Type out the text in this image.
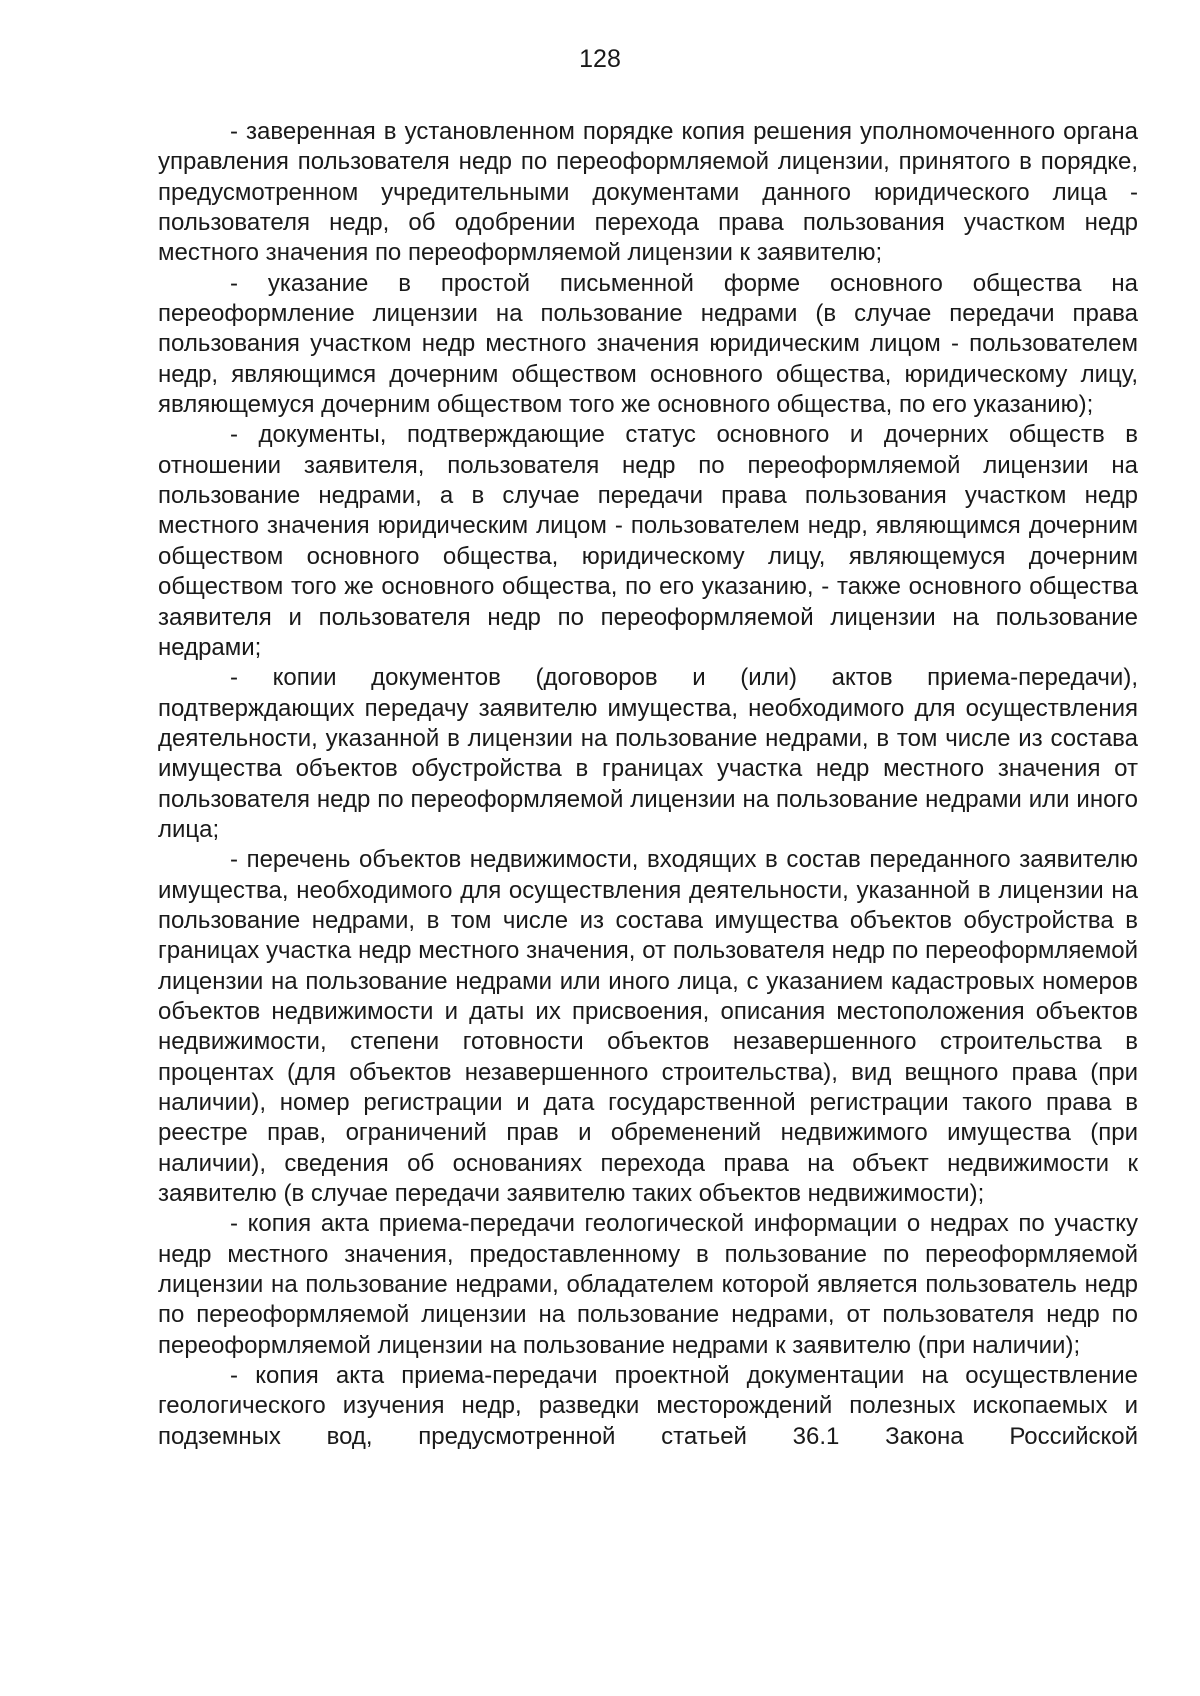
128

- заверенная в установленном порядке копия решения уполномоченного органа управления пользователя недр по переоформляемой лицензии, принятого в порядке, предусмотренном учредительными документами данного юридического лица - пользователя недр, об одобрении перехода права пользования участком недр местного значения по переоформляемой лицензии к заявителю;

- указание в простой письменной форме основного общества на переоформление лицензии на пользование недрами (в случае передачи права пользования участком недр местного значения юридическим лицом - пользователем недр, являющимся дочерним обществом основного общества, юридическому лицу, являющемуся дочерним обществом того же основного общества, по его указанию);

- документы, подтверждающие статус основного и дочерних обществ в отношении заявителя, пользователя недр по переоформляемой лицензии на пользование недрами, а в случае передачи права пользования участком недр местного значения юридическим лицом - пользователем недр, являющимся дочерним обществом основного общества, юридическому лицу, являющемуся дочерним обществом того же основного общества, по его указанию, - также основного общества заявителя и пользователя недр по переоформляемой лицензии на пользование недрами;

- копии документов (договоров и (или) актов приема-передачи), подтверждающих передачу заявителю имущества, необходимого для осуществления деятельности, указанной в лицензии на пользование недрами, в том числе из состава имущества объектов обустройства в границах участка недр местного значения от пользователя недр по переоформляемой лицензии на пользование недрами или иного лица;

- перечень объектов недвижимости, входящих в состав переданного заявителю имущества, необходимого для осуществления деятельности, указанной в лицензии на пользование недрами, в том числе из состава имущества объектов обустройства в границах участка недр местного значения, от пользователя недр по переоформляемой лицензии на пользование недрами или иного лица, с указанием кадастровых номеров объектов недвижимости и даты их присвоения, описания местоположения объектов недвижимости, степени готовности объектов незавершенного строительства в процентах (для объектов незавершенного строительства), вид вещного права (при наличии), номер регистрации и дата государственной регистрации такого права в реестре прав, ограничений прав и обременений недвижимого имущества (при наличии), сведения об основаниях перехода права на объект недвижимости к заявителю (в случае передачи заявителю таких объектов недвижимости);

- копия акта приема-передачи геологической информации о недрах по участку недр местного значения, предоставленному в пользование по переоформляемой лицензии на пользование недрами, обладателем которой является пользователь недр по переоформляемой лицензии на пользование недрами, от пользователя недр по переоформляемой лицензии на пользование недрами к заявителю (при наличии);

- копия акта приема-передачи проектной документации на осуществление геологического изучения недр, разведки месторождений полезных ископаемых и подземных вод, предусмотренной статьей 36.1 Закона Российской
